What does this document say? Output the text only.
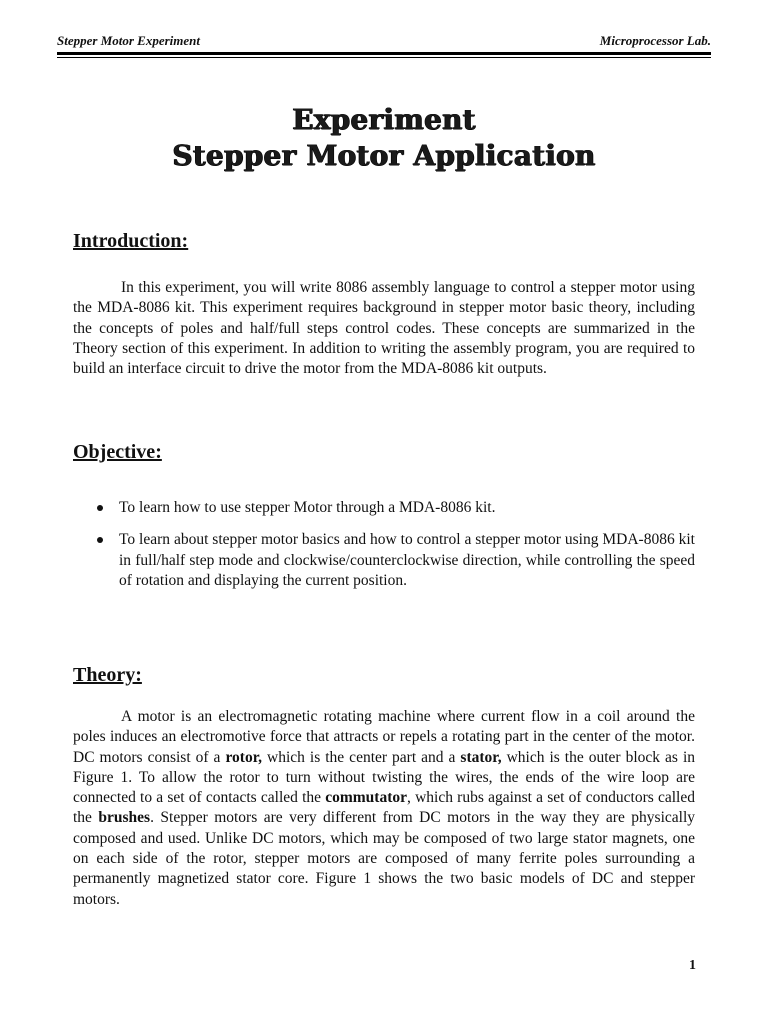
Stepper Motor Experiment	Microprocessor Lab.
Experiment
Stepper Motor Application
Introduction:
In this experiment, you will write 8086 assembly language to control a stepper motor using the MDA-8086 kit. This experiment requires background in stepper motor basic theory, including the concepts of poles and half/full steps control codes. These concepts are summarized in the Theory section of this experiment. In addition to writing the assembly program, you are required to build an interface circuit to drive the motor from the MDA-8086 kit outputs.
Objective:
To learn how to use stepper Motor through a MDA-8086 kit.
To learn about stepper motor basics and how to control a stepper motor using MDA-8086 kit in full/half step mode and clockwise/counterclockwise direction, while controlling the speed of rotation and displaying the current position.
Theory:
A motor is an electromagnetic rotating machine where current flow in a coil around the poles induces an electromotive force that attracts or repels a rotating part in the center of the motor. DC motors consist of a rotor, which is the center part and a stator, which is the outer block as in Figure 1. To allow the rotor to turn without twisting the wires, the ends of the wire loop are connected to a set of contacts called the commutator, which rubs against a set of conductors called the brushes. Stepper motors are very different from DC motors in the way they are physically composed and used. Unlike DC motors, which may be composed of two large stator magnets, one on each side of the rotor, stepper motors are composed of many ferrite poles surrounding a permanently magnetized stator core. Figure 1 shows the two basic models of DC and stepper motors.
1
